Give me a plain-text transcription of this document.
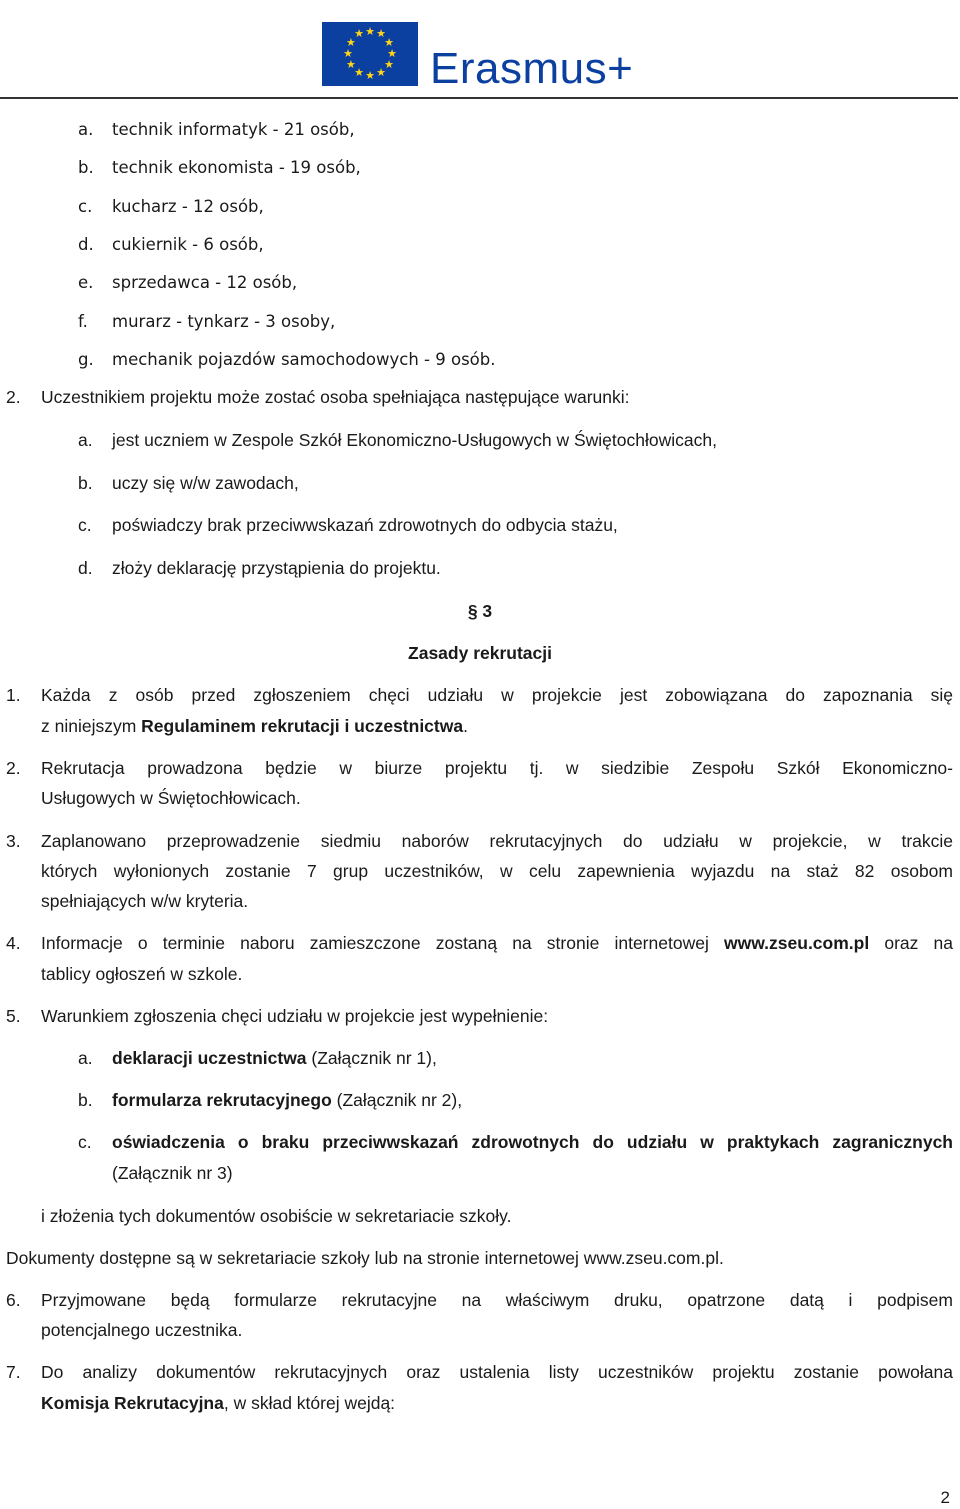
★ ★
★
★
★
★
★
★
★
★
★
★
Erasmus+
a. technik informatyk - 21 osób,
b. technik ekonomista - 19 osób,
c. kucharz - 12 osób,
d. cukiernik - 6 osób,
e. sprzedawca - 12 osób,
f. murarz - tynkarz - 3 osoby,
g. mechanik pojazdów samochodowych - 9 osób.
2. Uczestnikiem projektu może zostać osoba spełniająca następujące warunki:
a. jest uczniem w Zespole Szkół Ekonomiczno-Usługowych w Świętochłowicach,
b. uczy się w/w zawodach,
c. poświadczy brak przeciwwskazań zdrowotnych do odbycia stażu,
d. złoży deklarację przystąpienia do projektu.
§ 3
Zasady rekrutacji
1. Każda z osób przed zgłoszeniem chęci udziału w projekcie jest zobowiązana do zapoznania się
z niniejszym Regulaminem rekrutacji i uczestnictwa.
2. Rekrutacja prowadzona będzie w biurze projektu tj. w siedzibie Zespołu Szkół Ekonomiczno-
Usługowych w Świętochłowicach.
3. Zaplanowano przeprowadzenie siedmiu naborów rekrutacyjnych do udziału w projekcie, w trakcie
których wyłonionych zostanie 7 grup uczestników, w celu zapewnienia wyjazdu na staż 82 osobom
spełniających w/w kryteria.
4. Informacje o terminie naboru zamieszczone zostaną na stronie internetowej www.zseu.com.pl oraz na
tablicy ogłoszeń w szkole.
5. Warunkiem zgłoszenia chęci udziału w projekcie jest wypełnienie:
a. deklaracji uczestnictwa (Załącznik nr 1),
b. formularza rekrutacyjnego (Załącznik nr 2),
c. oświadczenia o braku przeciwwskazań zdrowotnych do udziału w praktykach zagranicznych
(Załącznik nr 3)
i złożenia tych dokumentów osobiście w sekretariacie szkoły.
Dokumenty dostępne są w sekretariacie szkoły lub na stronie internetowej www.zseu.com.pl.
6. Przyjmowane będą formularze rekrutacyjne na właściwym druku, opatrzone datą i podpisem
potencjalnego uczestnika.
7. Do analizy dokumentów rekrutacyjnych oraz ustalenia listy uczestników projektu zostanie powołana
Komisja Rekrutacyjna, w skład której wejdą:
2
